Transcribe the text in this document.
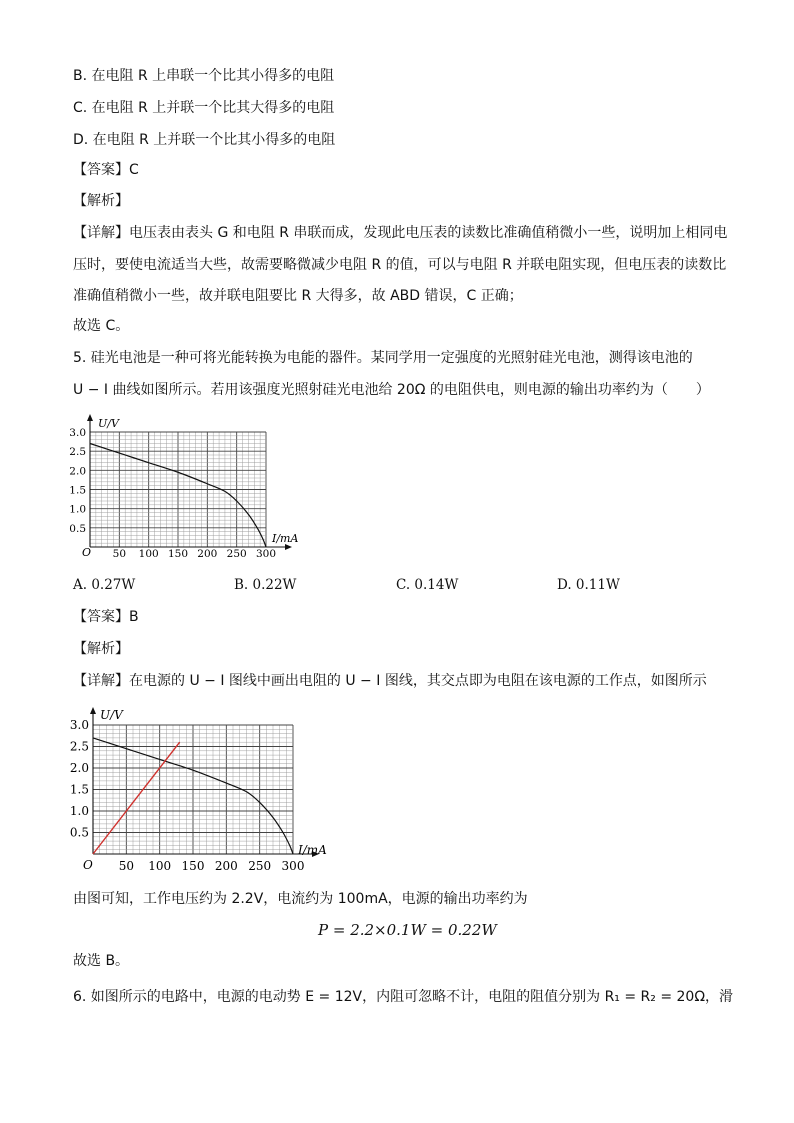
B. 在电阻 R 上串联一个比其小得多的电阻
C. 在电阻 R 上并联一个比其大得多的电阻
D. 在电阻 R 上并联一个比其小得多的电阻
【答案】C
【解析】
【详解】电压表由表头 G 和电阻 R 串联而成，发现此电压表的读数比准确值稍微小一些，说明加上相同电
压时，要使电流适当大些，故需要略微减少电阻 R 的值，可以与电阻 R 并联电阻实现，但电压表的读数比
准确值稍微小一些，故并联电阻要比 R 大得多，故 ABD 错误，C 正确；
故选 C。
5. 硅光电池是一种可将光能转换为电能的器件。某同学用一定强度的光照射硅光电池，测得该电池的
U − I 曲线如图所示。若用该强度光照射硅光电池给 20Ω 的电阻供电，则电源的输出功率约为（　　）
U/V
I/mA
O
0.5
1.0
1.5
2.0
2.5
3.0
50 100 150 200 250 300
A. 0.27W	B. 0.22W	C. 0.14W	D. 0.11W
【答案】B
【解析】
【详解】在电源的 U − I 图线中画出电阻的 U − I 图线，其交点即为电阻在该电源的工作点，如图所示
U/V
I/mA
O
0.5
1.0
1.5
2.0
2.5
3.0
50 100 150 200 250 300
由图可知，工作电压约为 2.2V，电流约为 100mA，电源的输出功率约为
P = 2.2×0.1W = 0.22W
故选 B。
6. 如图所示的电路中，电源的电动势 E = 12V，内阻可忽略不计，电阻的阻值分别为 R₁ = R₂ = 20Ω，滑
